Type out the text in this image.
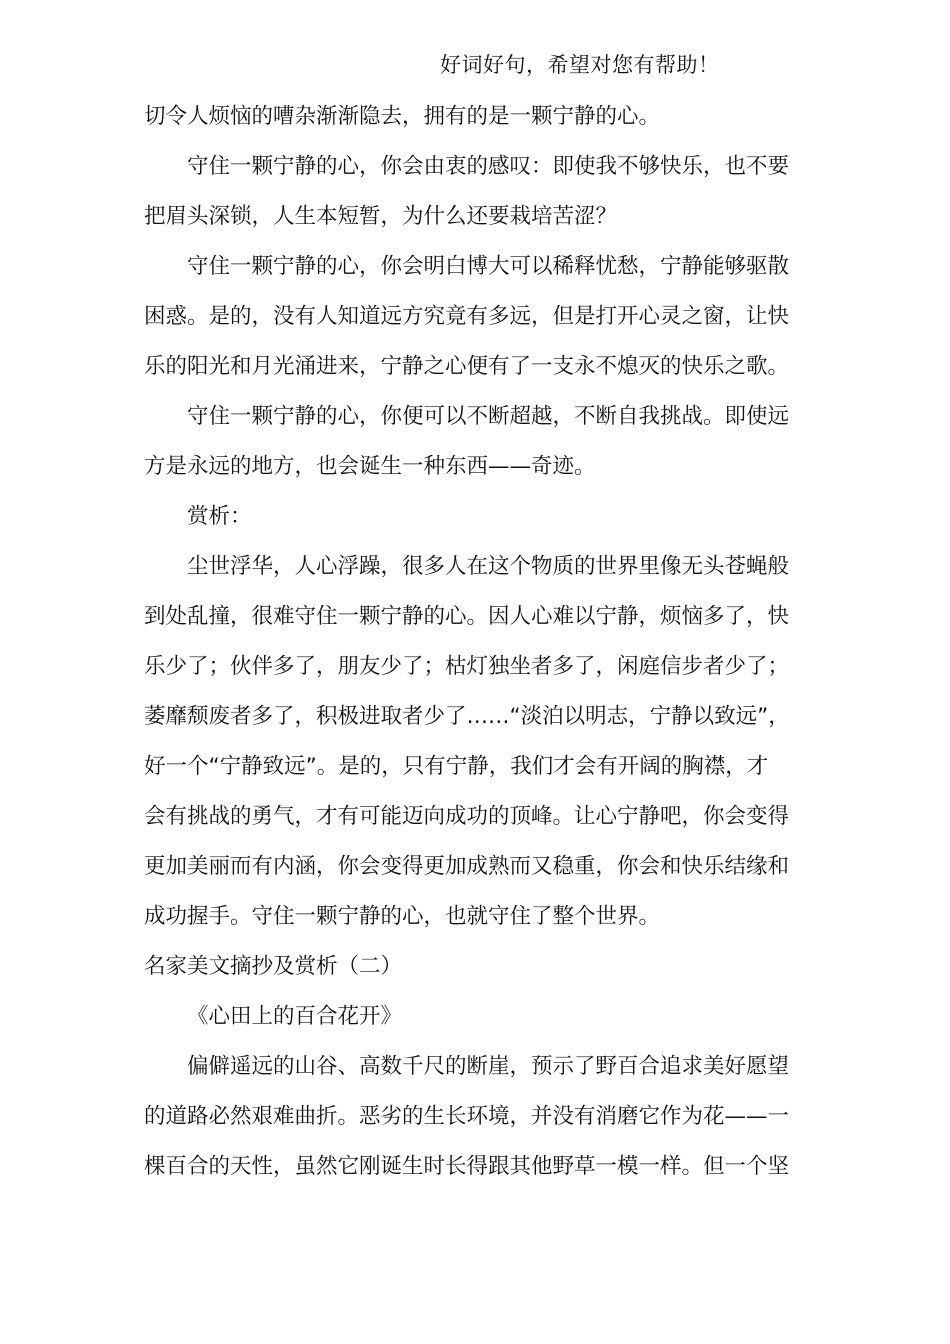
好词好句，希望对您有帮助！
切令人烦恼的嘈杂渐渐隐去，拥有的是一颗宁静的心。
守住一颗宁静的心，你会由衷的感叹：即使我不够快乐，也不要
把眉头深锁，人生本短暂，为什么还要栽培苦涩？
守住一颗宁静的心，你会明白博大可以稀释忧愁，宁静能够驱散
困惑。是的，没有人知道远方究竟有多远，但是打开心灵之窗，让快
乐的阳光和月光涌进来，宁静之心便有了一支永不熄灭的快乐之歌。
守住一颗宁静的心，你便可以不断超越，不断自我挑战。即使远
方是永远的地方，也会诞生一种东西——奇迹。
赏析：
尘世浮华，人心浮躁，很多人在这个物质的世界里像无头苍蝇般
到处乱撞，很难守住一颗宁静的心。因人心难以宁静，烦恼多了，快
乐少了；伙伴多了，朋友少了；枯灯独坐者多了，闲庭信步者少了；
萎靡颓废者多了，积极进取者少了……“淡泊以明志，宁静以致远”，
好一个“宁静致远”。是的，只有宁静，我们才会有开阔的胸襟，才
会有挑战的勇气，才有可能迈向成功的顶峰。让心宁静吧，你会变得
更加美丽而有内涵，你会变得更加成熟而又稳重，你会和快乐结缘和
成功握手。守住一颗宁静的心，也就守住了整个世界。
名家美文摘抄及赏析（二）
《心田上的百合花开》
偏僻遥远的山谷、高数千尺的断崖，预示了野百合追求美好愿望
的道路必然艰难曲折。恶劣的生长环境，并没有消磨它作为花——一
棵百合的天性，虽然它刚诞生时长得跟其他野草一模一样。但一个坚
